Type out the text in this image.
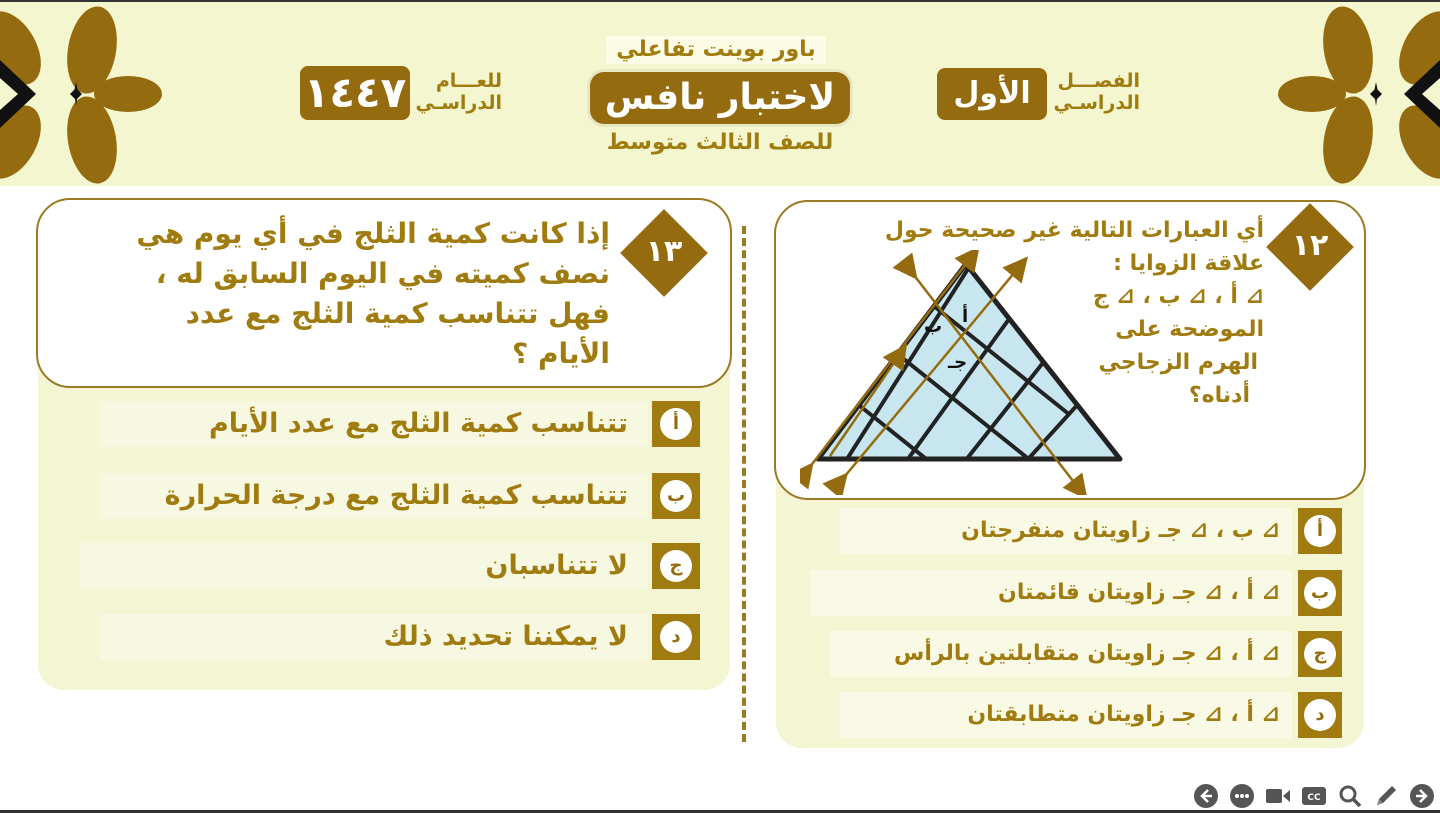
١٤٤٧	للعـــام
الدراسـي
باور بوينت تفاعلي
لاختبار نافس
للصف الثالث متوسط
الأول	الفصـــل
الدراسـي
١٣
إذا كانت كمية الثلج في أي يوم هي
نصف كميته في اليوم السابق له ،
فهل تتناسب كمية الثلج مع عدد
الأيام ؟
تتناسب كمية الثلج مع عدد الأيام	أ
تتناسب كمية الثلج مع درجة الحرارة	ب
لا تتناسبان	ج
لا يمكننا تحديد ذلك	د
١٢
أي العبارات التالية غير صحيحة حول
علاقة الزوايا :
⊿ أ ، ⊿ ب ، ⊿ ج
الموضحة على
الهرم الزجاجي
أدناه؟
أ
ب
جـ
⊿ ب ، ⊿ جـ زاويتان منفرجتان	أ
⊿ أ ، ⊿ جـ زاويتان قائمتان	ب
⊿ أ ، ⊿ جـ زاويتان متقابلتين بالرأس	ج
⊿ أ ، ⊿ جـ زاويتان متطابقتان	د
CC
